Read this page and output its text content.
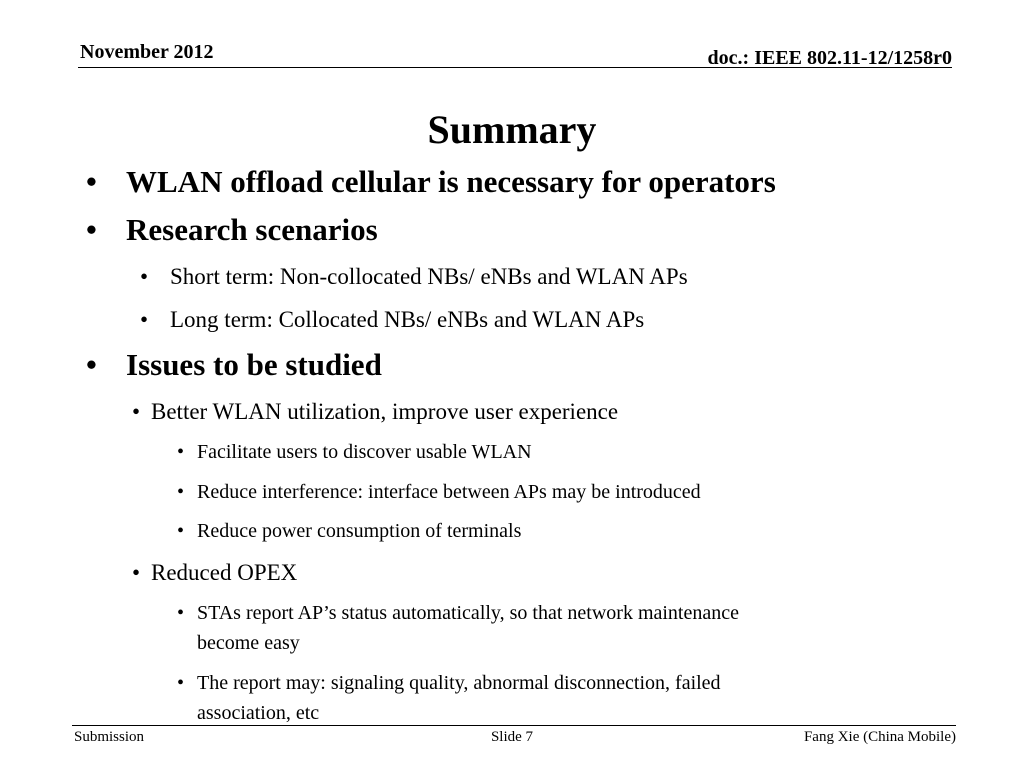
November 2012	doc.: IEEE 802.11-12/1258r0
Summary
• WLAN offload cellular is necessary for operators
• Research scenarios
• Short term: Non-collocated NBs/ eNBs and WLAN APs
• Long term: Collocated NBs/ eNBs and WLAN APs
• Issues to be studied
• Better WLAN utilization, improve user experience
• Facilitate users to discover usable WLAN
• Reduce interference: interface between APs may be introduced
• Reduce power consumption of terminals
• Reduced OPEX
• STAs report AP’s status automatically, so that network maintenance
become easy
• The report may: signaling quality, abnormal disconnection, failed
association, etc
Submission	Slide 7	Fang Xie (China Mobile)
